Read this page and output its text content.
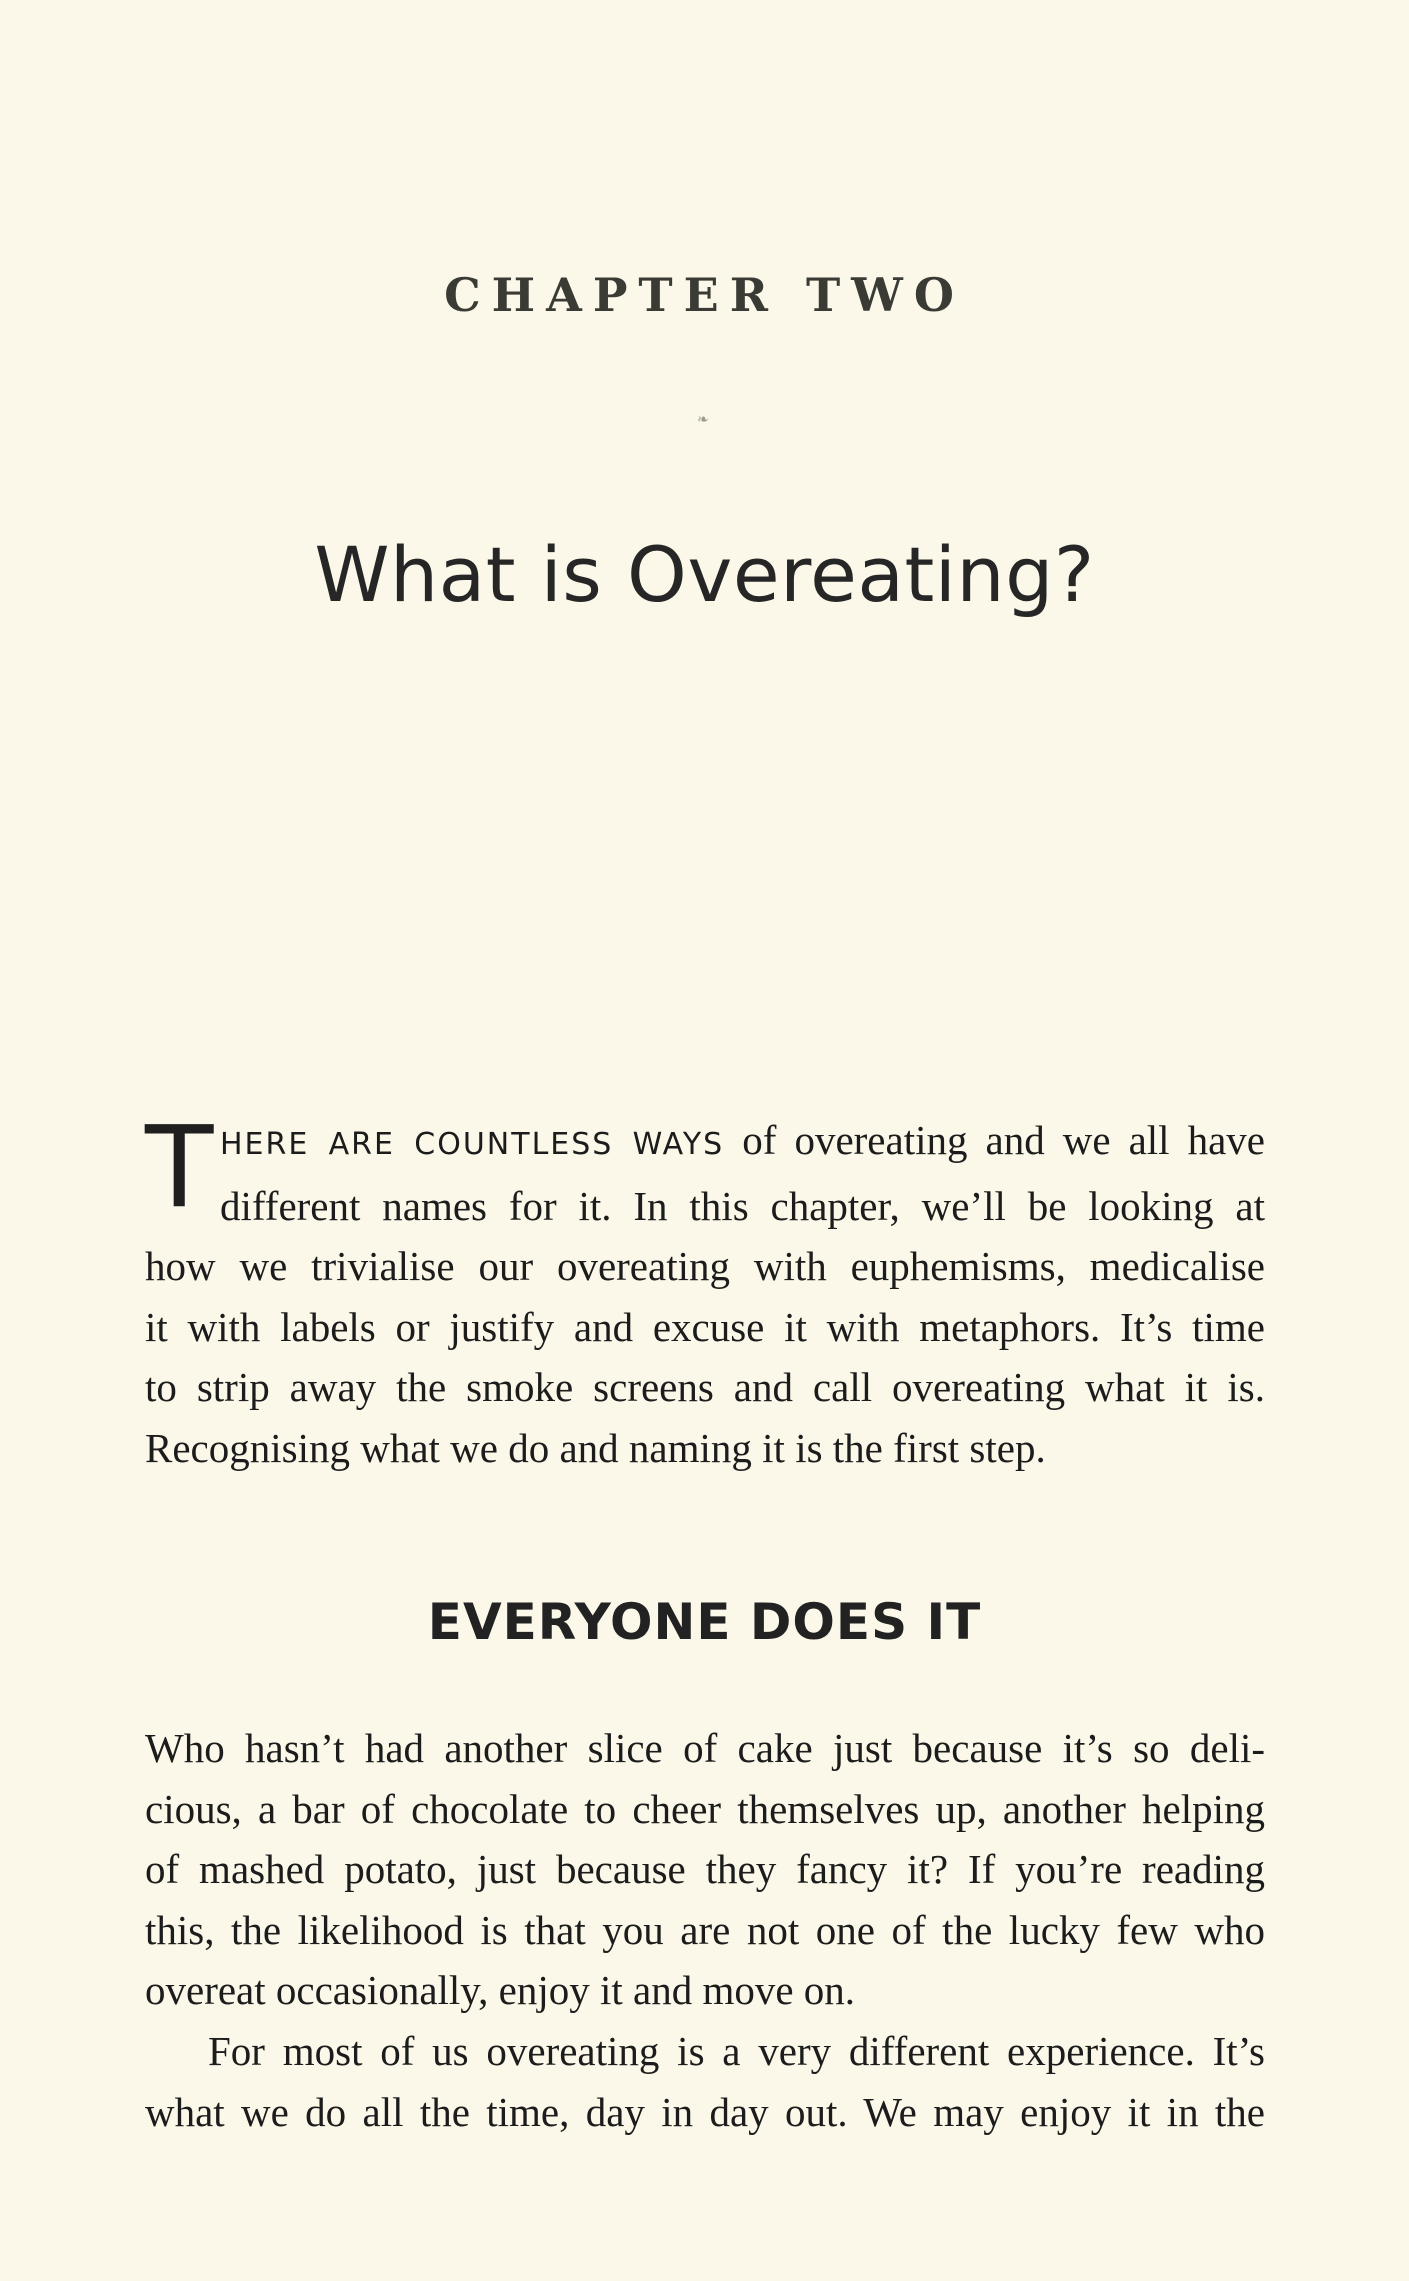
CHAPTER TWO
❧
What is Overeating?
T HERE ARE COUNTLESS WAYS of overeating and we all have
different names for it. In this chapter, we’ll be looking at
how we trivialise our overeating with euphemisms, medicalise
it with labels or justify and excuse it with metaphors. It’s time
to strip away the smoke screens and call overeating what it is.
Recognising what we do and naming it is the first step.
EVERYONE DOES IT
Who hasn’t had another slice of cake just because it’s so deli-
cious, a bar of chocolate to cheer themselves up, another helping
of mashed potato, just because they fancy it? If you’re reading
this, the likelihood is that you are not one of the lucky few who
overeat occasionally, enjoy it and move on.
For most of us overeating is a very different experience. It’s
what we do all the time, day in day out. We may enjoy it in the
